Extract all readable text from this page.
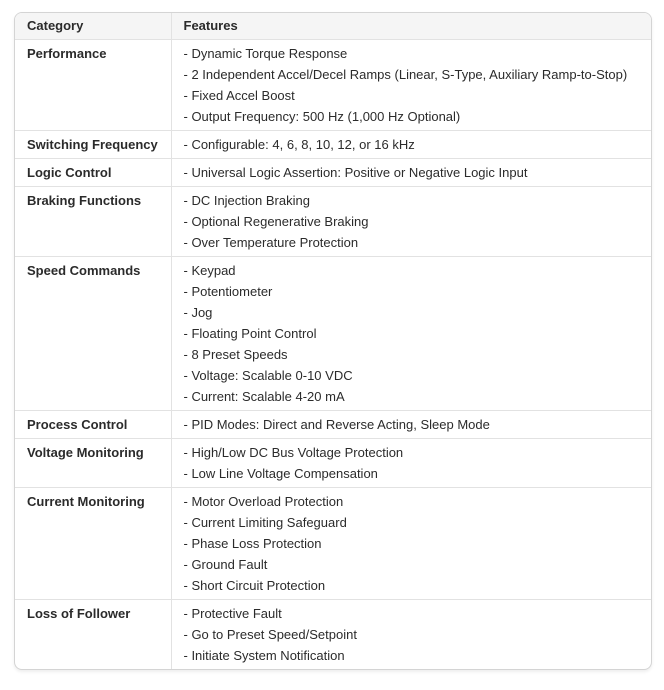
Category	Features
Performance	- Dynamic Torque Response
- 2 Independent Accel/Decel Ramps (Linear, S-Type, Auxiliary Ramp-to-Stop)
- Fixed Accel Boost
- Output Frequency: 500 Hz (1,000 Hz Optional)

Switching Frequency	- Configurable: 4, 6, 8, 10, 12, or 16 kHz

Logic Control	- Universal Logic Assertion: Positive or Negative Logic Input

Braking Functions	- DC Injection Braking
- Optional Regenerative Braking
- Over Temperature Protection

Speed Commands	- Keypad
- Potentiometer
- Jog
- Floating Point Control
- 8 Preset Speeds
- Voltage: Scalable 0-10 VDC
- Current: Scalable 4-20 mA

Process Control	- PID Modes: Direct and Reverse Acting, Sleep Mode

Voltage Monitoring	- High/Low DC Bus Voltage Protection
- Low Line Voltage Compensation

Current Monitoring	- Motor Overload Protection
- Current Limiting Safeguard
- Phase Loss Protection
- Ground Fault
- Short Circuit Protection

Loss of Follower	- Protective Fault
- Go to Preset Speed/Setpoint
- Initiate System Notification
